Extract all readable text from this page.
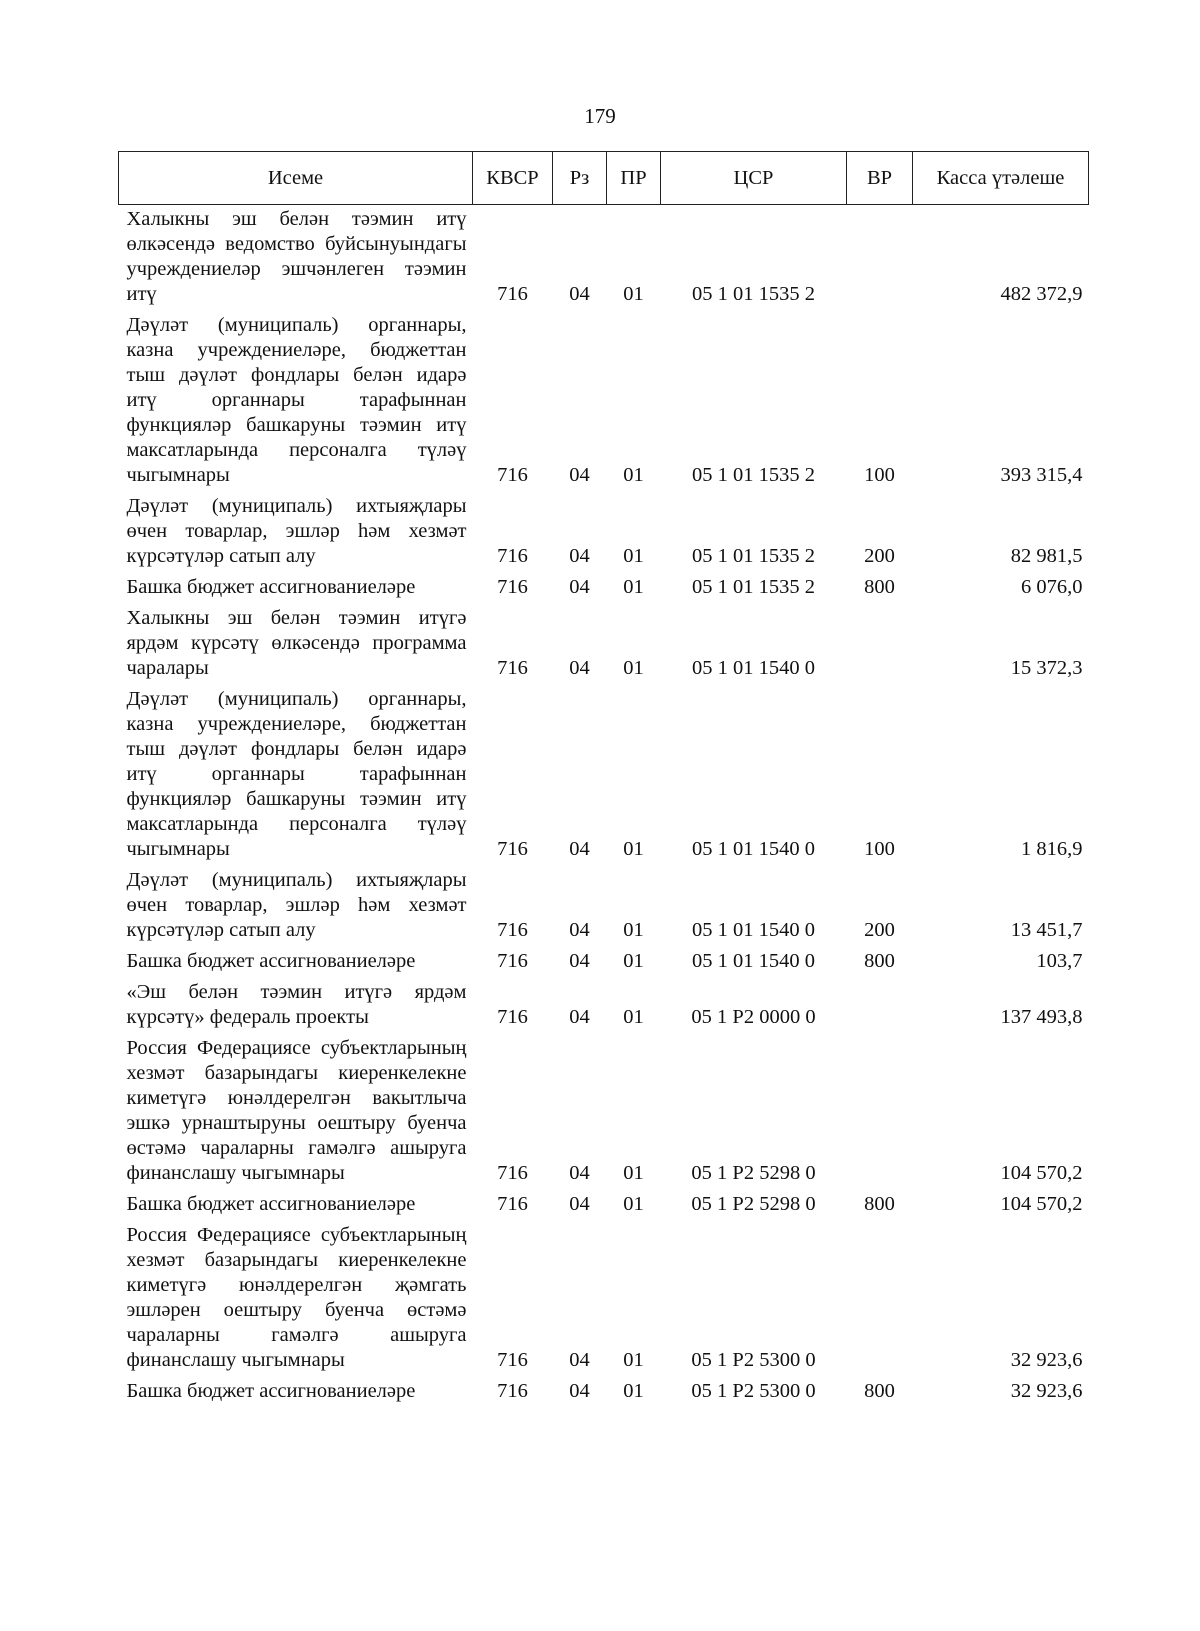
179
Исеме	КВСР	Рз	ПР	ЦСР	ВР	Касса үтәлеше
Халыкны эш белән тәэмин итү өлкәсендә ведомство буйсынуындагы учреждениеләр эшчәнлеген тәэмин итү	716	04	01	05 1 01 1535 2		482 372,9
Дәүләт (муниципаль) органнары, казна учреждениеләре, бюджеттан тыш дәүләт фондлары белән идарә итү органнары тарафыннан функцияләр башкаруны тәэмин итү максатларында персоналга түләү чыгымнары	716	04	01	05 1 01 1535 2	100	393 315,4
Дәүләт (муниципаль) ихтыяҗлары өчен товарлар, эшләр һәм хезмәт күрсәтүләр сатып алу	716	04	01	05 1 01 1535 2	200	82 981,5
Башка бюджет ассигнованиеләре	716	04	01	05 1 01 1535 2	800	6 076,0
Халыкны эш белән тәэмин итүгә ярдәм күрсәтү өлкәсендә программа чаралары	716	04	01	05 1 01 1540 0		15 372,3
Дәүләт (муниципаль) органнары, казна учреждениеләре, бюджеттан тыш дәүләт фондлары белән идарә итү органнары тарафыннан функцияләр башкаруны тәэмин итү максатларында персоналга түләү чыгымнары	716	04	01	05 1 01 1540 0	100	1 816,9
Дәүләт (муниципаль) ихтыяҗлары өчен товарлар, эшләр һәм хезмәт күрсәтүләр сатып алу	716	04	01	05 1 01 1540 0	200	13 451,7
Башка бюджет ассигнованиеләре	716	04	01	05 1 01 1540 0	800	103,7
«Эш белән тәэмин итүгә ярдәм күрсәтү» федераль проекты	716	04	01	05 1 P2 0000 0		137 493,8
Россия Федерациясе субъектларының хезмәт базарындагы киеренкелекне киметүгә юнәлдерелгән вакытлыча эшкә урнаштыруны оештыру буенча өстәмә чараларны гамәлгә ашыруга финанслашу чыгымнары	716	04	01	05 1 P2 5298 0		104 570,2
Башка бюджет ассигнованиеләре	716	04	01	05 1 P2 5298 0	800	104 570,2
Россия Федерациясе субъектларының хезмәт базарындагы киеренкелекне киметүгә юнәлдерелгән җәмгать эшләрен оештыру буенча өстәмә чараларны гамәлгә ашыруга финанслашу чыгымнары	716	04	01	05 1 P2 5300 0		32 923,6
Башка бюджет ассигнованиеләре	716	04	01	05 1 P2 5300 0	800	32 923,6
